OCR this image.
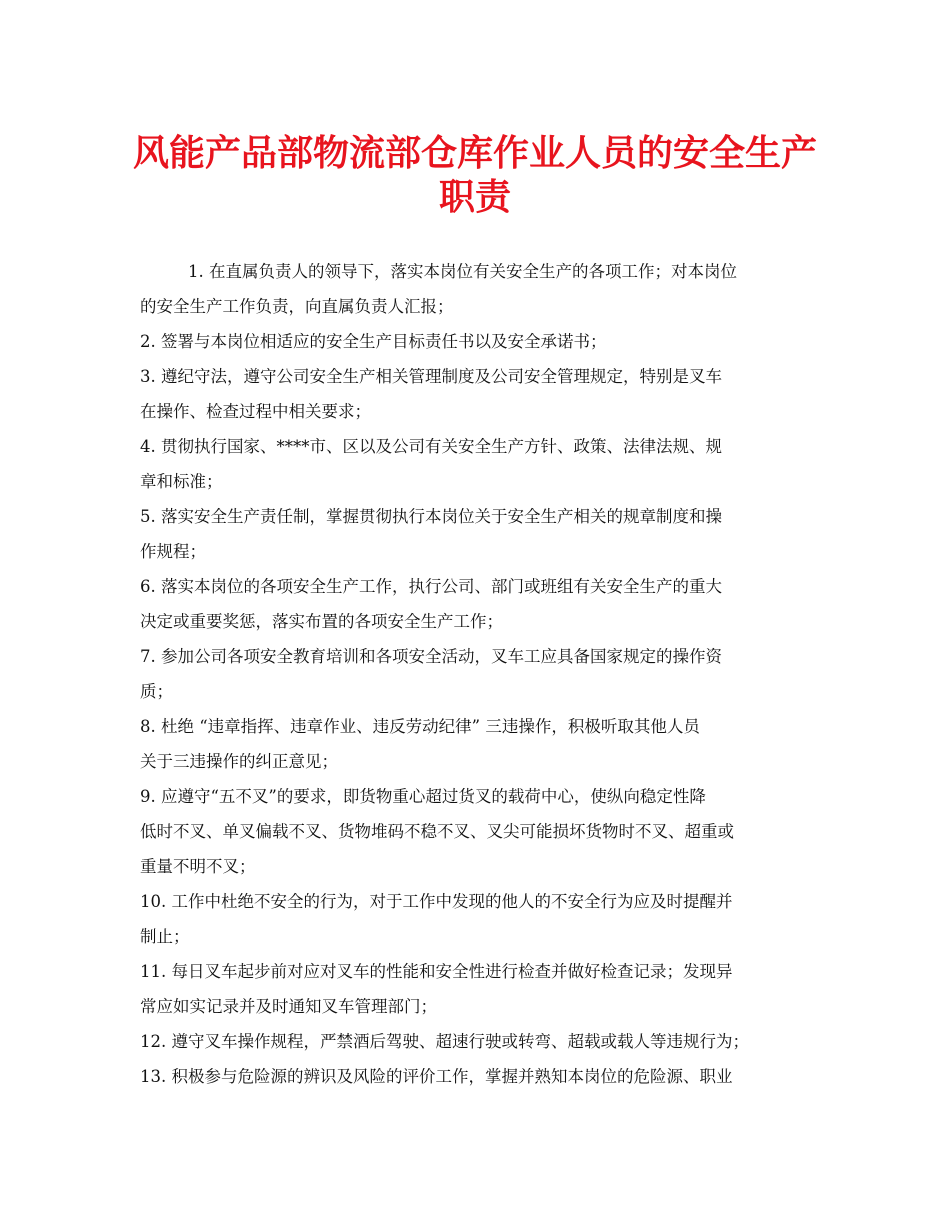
风能产品部物流部仓库作业人员的安全生产
职责
1. 在直属负责人的领导下，落实本岗位有关安全生产的各项工作；对本岗位
的安全生产工作负责，向直属负责人汇报；
2. 签署与本岗位相适应的安全生产目标责任书以及安全承诺书；
3. 遵纪守法，遵守公司安全生产相关管理制度及公司安全管理规定，特别是叉车
在操作、检查过程中相关要求；
4. 贯彻执行国家、****市、区以及公司有关安全生产方针、政策、法律法规、规
章和标准；
5. 落实安全生产责任制，掌握贯彻执行本岗位关于安全生产相关的规章制度和操
作规程；
6. 落实本岗位的各项安全生产工作，执行公司、部门或班组有关安全生产的重大
决定或重要奖惩，落实布置的各项安全生产工作；
7. 参加公司各项安全教育培训和各项安全活动，叉车工应具备国家规定的操作资
质；
8. 杜绝 “违章指挥、违章作业、违反劳动纪律” 三违操作，积极听取其他人员
关于三违操作的纠正意见；
9. 应遵守“五不叉”的要求，即货物重心超过货叉的载荷中心，使纵向稳定性降
低时不叉、单叉偏载不叉、货物堆码不稳不叉、叉尖可能损坏货物时不叉、超重或
重量不明不叉；
10. 工作中杜绝不安全的行为，对于工作中发现的他人的不安全行为应及时提醒并
制止；
11. 每日叉车起步前对应对叉车的性能和安全性进行检查并做好检查记录；发现异
常应如实记录并及时通知叉车管理部门；
12. 遵守叉车操作规程，严禁酒后驾驶、超速行驶或转弯、超载或载人等违规行为；
13. 积极参与危险源的辨识及风险的评价工作，掌握并熟知本岗位的危险源、职业
